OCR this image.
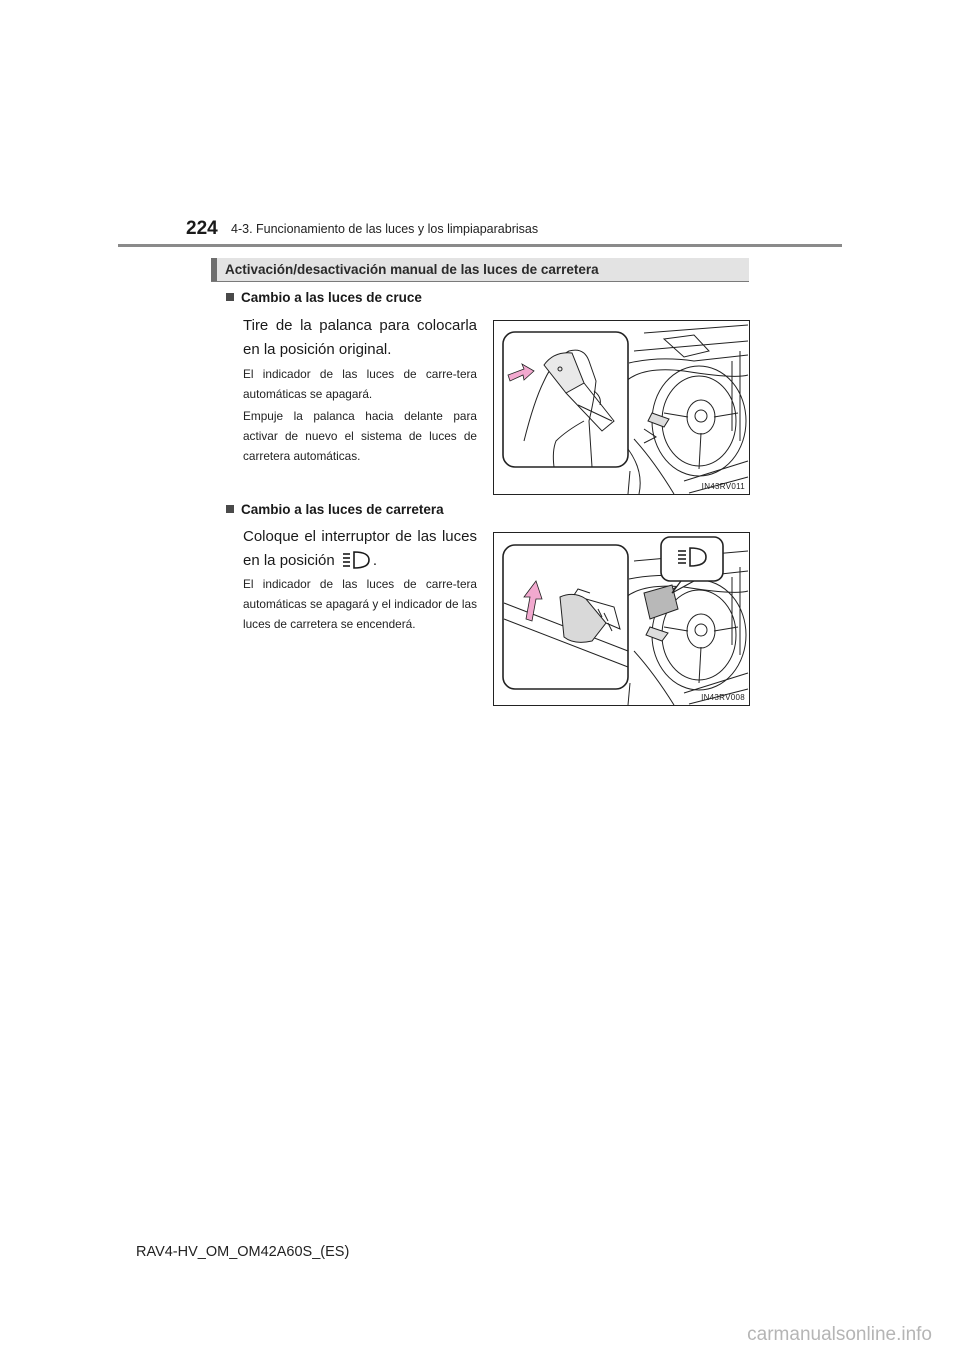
224 4-3. Funcionamiento de las luces y los limpiaparabrisas
Activación/desactivación manual de las luces de carretera
Cambio a las luces de cruce
Tire de la palanca para colocarla en la posición original.
El indicador de las luces de carre-tera automáticas se apagará.
Empuje la palanca hacia delante para activar de nuevo el sistema de luces de carretera automáticas.
IN43RV011
Cambio a las luces de carretera
Coloque el interruptor de las luces en la posición	.
El indicador de las luces de carre-tera automáticas se apagará y el indicador de las luces de carretera se encenderá.
IN43RV008
RAV4-HV_OM_OM42A60S_(ES)
carmanualsonline.info
